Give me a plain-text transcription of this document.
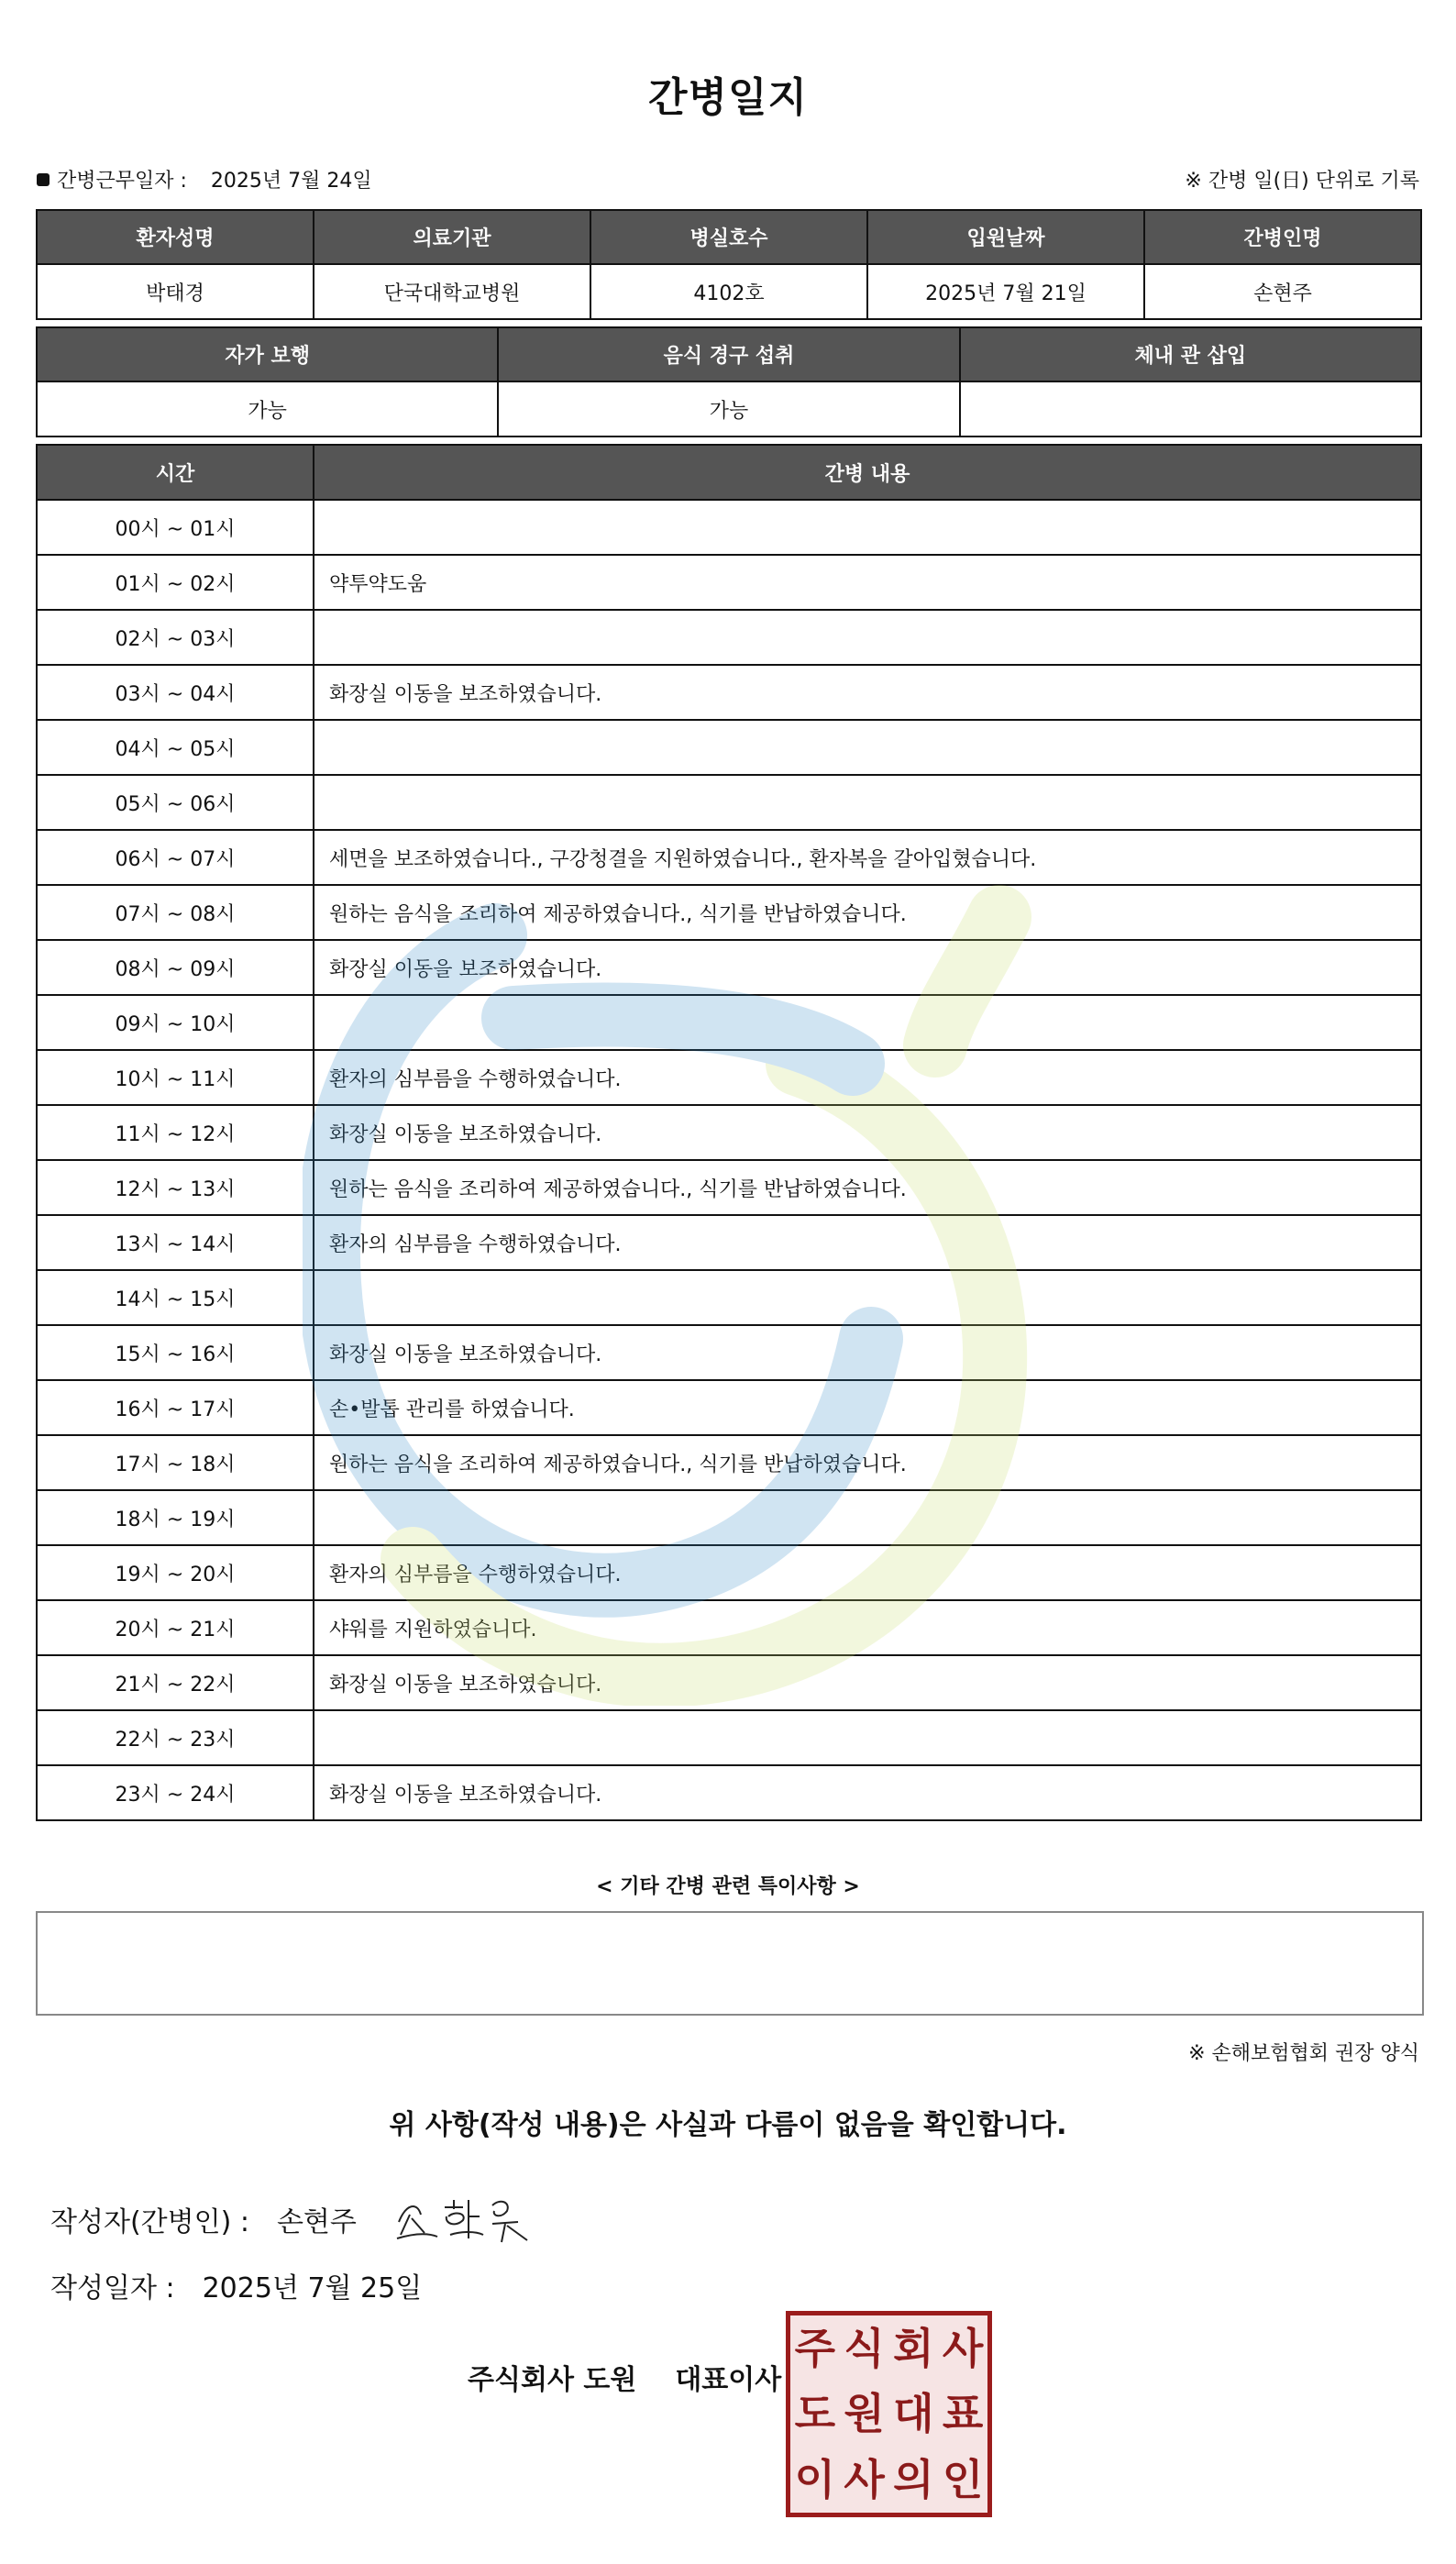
간병일지
간병근무일자 : 2025년 7월 24일	※ 간병 일(日) 단위로 기록
환자성명	의료기관	병실호수	입원날짜	간병인명
박태경	단국대학교병원	4102호	2025년 7월 21일	손현주
자가 보행	음식 경구 섭취	체내 관 삽입
가능	가능	
시간	간병 내용
00시 ~ 01시	
01시 ~ 02시	약투약도움
02시 ~ 03시	
03시 ~ 04시	화장실 이동을 보조하였습니다.
04시 ~ 05시	
05시 ~ 06시	
06시 ~ 07시	세면을 보조하였습니다., 구강청결을 지원하였습니다., 환자복을 갈아입혔습니다.
07시 ~ 08시	원하는 음식을 조리하여 제공하였습니다., 식기를 반납하였습니다.
08시 ~ 09시	화장실 이동을 보조하였습니다.
09시 ~ 10시	
10시 ~ 11시	환자의 심부름을 수행하였습니다.
11시 ~ 12시	화장실 이동을 보조하였습니다.
12시 ~ 13시	원하는 음식을 조리하여 제공하였습니다., 식기를 반납하였습니다.
13시 ~ 14시	환자의 심부름을 수행하였습니다.
14시 ~ 15시	
15시 ~ 16시	화장실 이동을 보조하였습니다.
16시 ~ 17시	손•발톱 관리를 하였습니다.
17시 ~ 18시	원하는 음식을 조리하여 제공하였습니다., 식기를 반납하였습니다.
18시 ~ 19시	
19시 ~ 20시	환자의 심부름을 수행하였습니다.
20시 ~ 21시	샤워를 지원하였습니다.
21시 ~ 22시	화장실 이동을 보조하였습니다.
22시 ~ 23시	
23시 ~ 24시	화장실 이동을 보조하였습니다.
< 기타 간병 관련 특이사항 >
※ 손해보험협회 권장 양식
위 사항(작성 내용)은 사실과 다름이 없음을 확인합니다.
작성자(간병인) : 손현주
작성일자 : 2025년 7월 25일
주식회사 도원 대표이사
주 식 회 사
도 원 대 표
이 사 의 인
